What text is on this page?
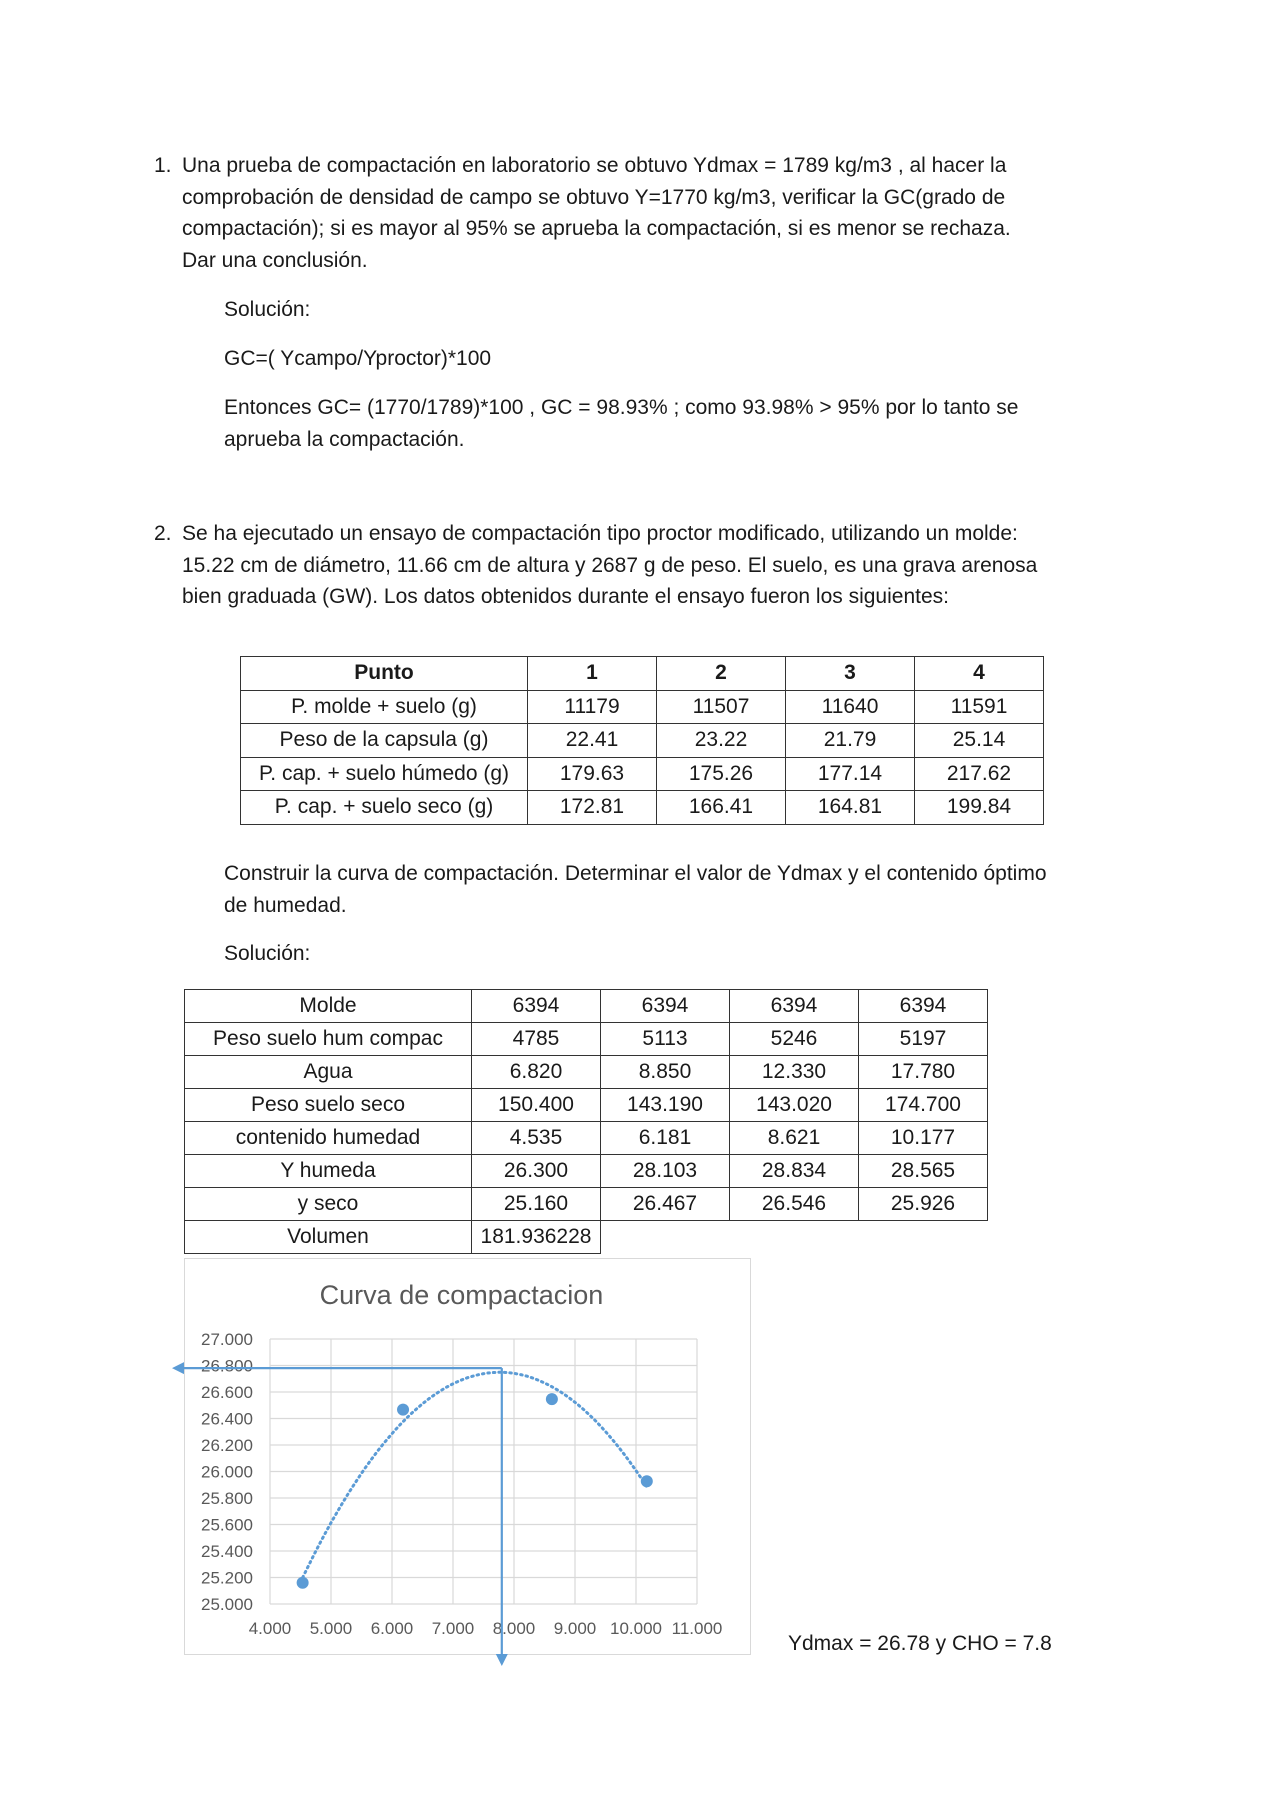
1. Una prueba de compactación en laboratorio se obtuvo Ydmax = 1789 kg/m3 , al hacer la

comprobación de densidad de campo se obtuvo Y=1770 kg/m3, verificar la GC(grado de

compactación); si es mayor al 95% se aprueba la compactación, si es menor se rechaza.

Dar una conclusión.

Solución:
GC=( Ycampo/Yproctor)*100
Entonces GC= (1770/1789)*100 , GC = 98.93% ; como 93.98% > 95% por lo tanto se
aprueba la compactación.
2. Se ha ejecutado un ensayo de compactación tipo proctor modificado, utilizando un molde:

15.22 cm de diámetro, 11.66 cm de altura y 2687 g de peso. El suelo, es una grava arenosa

bien graduada (GW). Los datos obtenidos durante el ensayo fueron los siguientes:

Punto	1	2	3	4
P. molde + suelo (g)	11179	11507	11640	11591
Peso de la capsula (g)	22.41	23.22	21.79	25.14
P. cap. + suelo húmedo (g)	179.63	175.26	177.14	217.62
P. cap. + suelo seco (g)	172.81	166.41	164.81	199.84
Construir la curva de compactación. Determinar el valor de Ydmax y el contenido óptimo
de humedad.
Solución:
Molde	6394	6394	6394	6394
Peso suelo hum compac	4785	5113	5246	5197
Agua	6.820	8.850	12.330	17.780
Peso suelo seco	150.400	143.190	143.020	174.700
contenido humedad	4.535	6.181	8.621	10.177
Y humeda	26.300	28.103	28.834	28.565
y seco	25.160	26.467	26.546	25.926
Volumen	181.936228			
Curva de compactacion
25.000
25.200
25.400
25.600
25.800
26.000
26.200
26.400
26.600
26.800
27.000
4.000 5.000 6.000 7.000 8.000 9.000 10.000 11.000
Ydmax = 26.78 y CHO = 7.8
